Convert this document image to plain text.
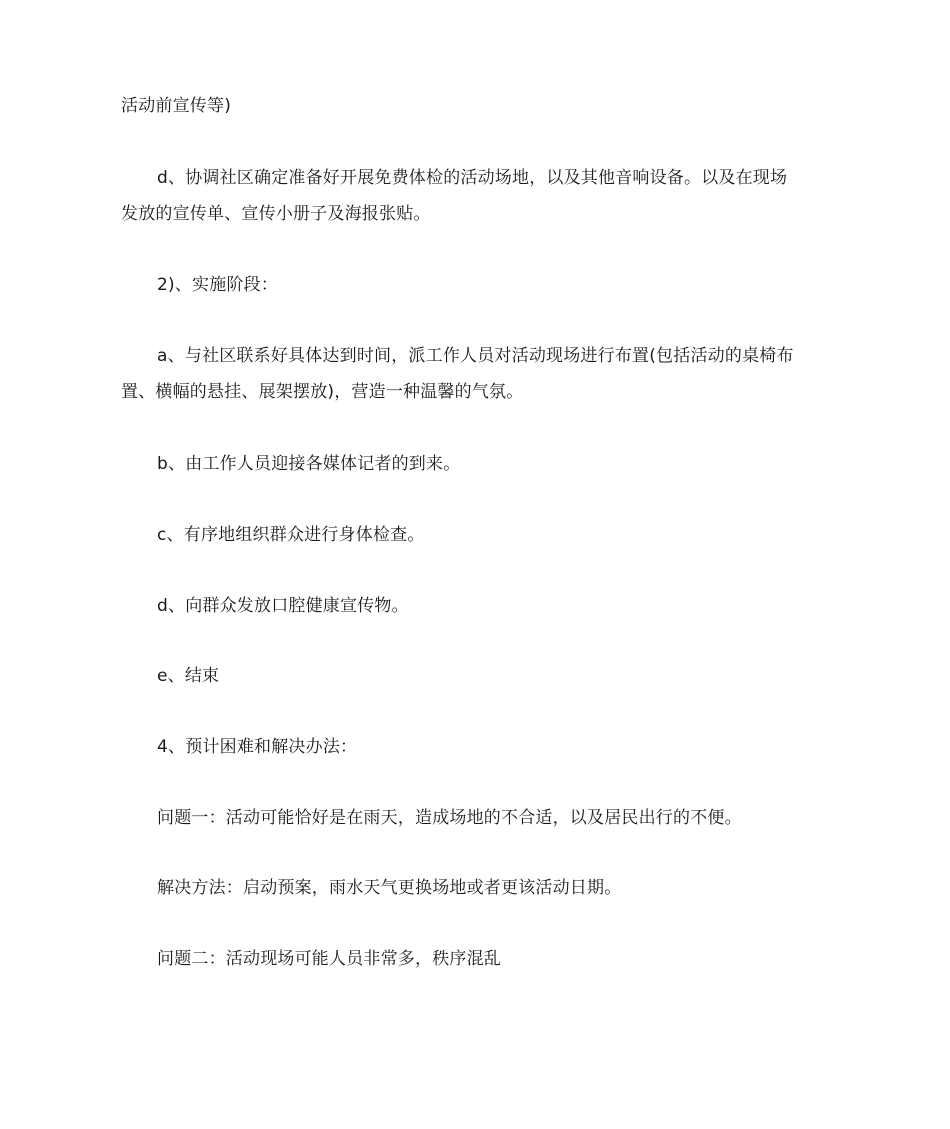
活动前宣传等)
d、协调社区确定准备好开展免费体检的活动场地，以及其他音响设备。以及在现场
发放的宣传单、宣传小册子及海报张贴。
2)、实施阶段：
a、与社区联系好具体达到时间，派工作人员对活动现场进行布置(包括活动的桌椅布
置、横幅的悬挂、展架摆放)，营造一种温馨的气氛。
b、由工作人员迎接各媒体记者的到来。
c、有序地组织群众进行身体检查。
d、向群众发放口腔健康宣传物。
e、结束
4、预计困难和解决办法：
问题一：活动可能恰好是在雨天，造成场地的不合适，以及居民出行的不便。
解决方法：启动预案，雨水天气更换场地或者更该活动日期。
问题二：活动现场可能人员非常多，秩序混乱
